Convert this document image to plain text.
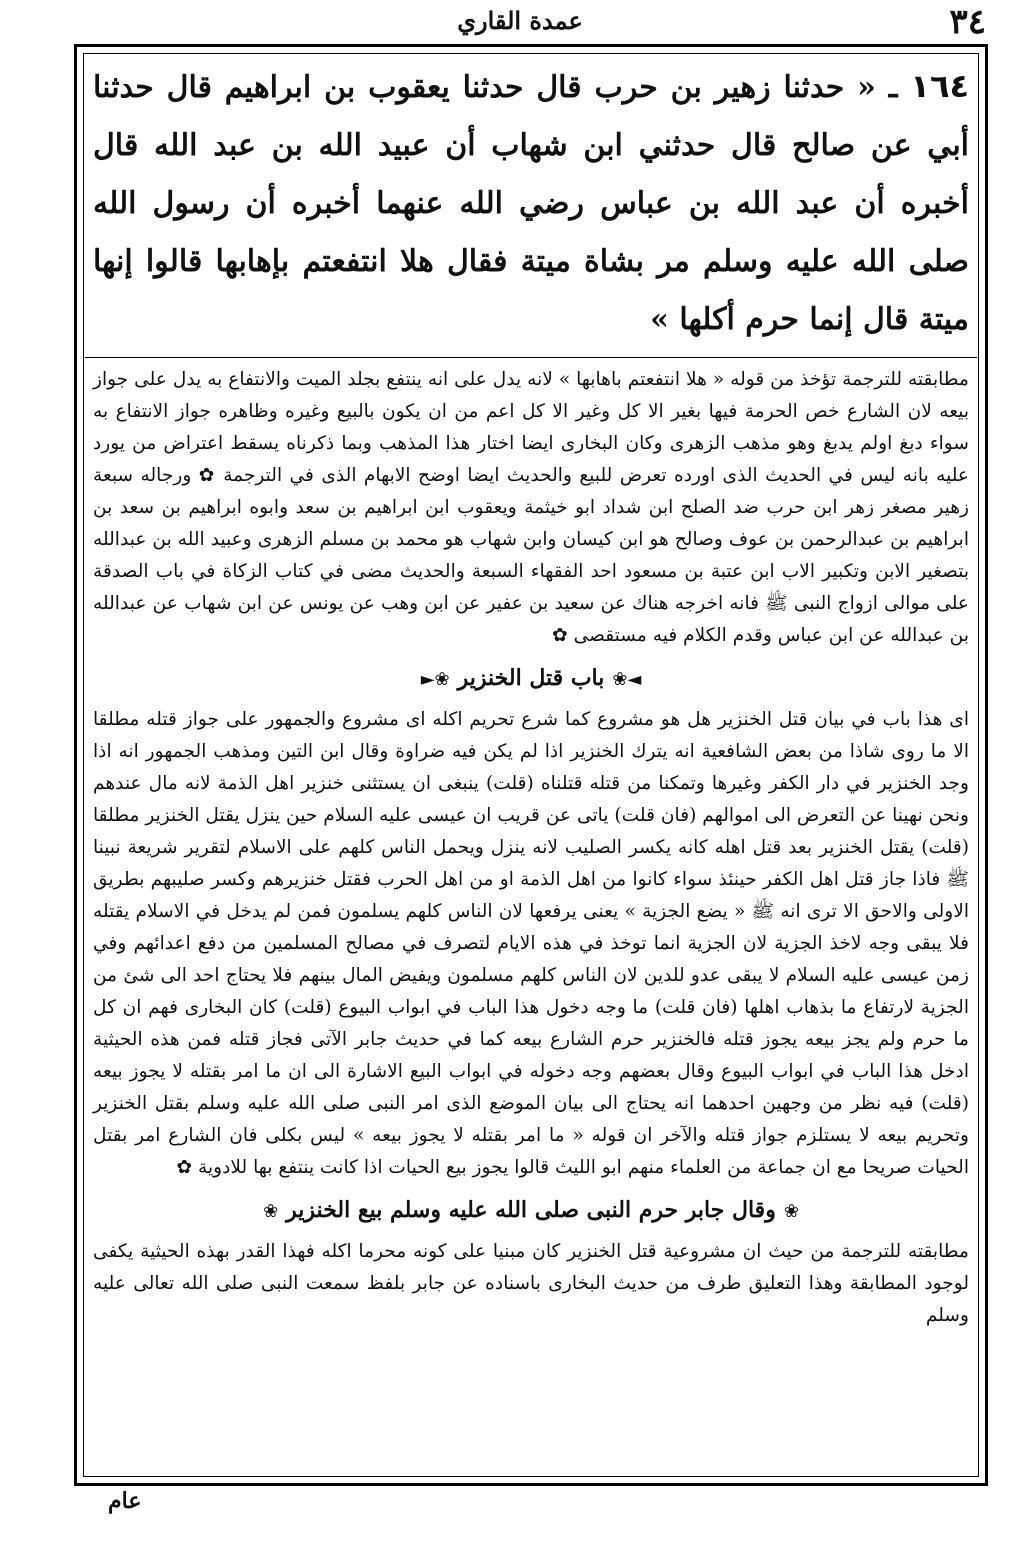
٣٤
عمدة القاري

١٦٤ ـ « حدثنا زهير بن حرب قال حدثنا يعقوب بن ابراهيم قال حدثنا أبي عن صالح قال حدثني ابن شهاب أن عبيد الله بن عبد الله قال أخبره أن عبد الله بن عباس رضي الله عنهما أخبره أن رسول الله صلى الله عليه وسلم مر بشاة ميتة فقال هلا انتفعتم بإهابها قالوا إنها ميتة قال إنما حرم أكلها »

مطابقته للترجمة تؤخذ من قوله « هلا انتفعتم باهابها » لانه يدل على انه ينتفع بجلد الميت والانتفاع به يدل على جواز بيعه لان الشارع خص الحرمة فيها بغير الا كل وغير الا كل اعم من ان يكون بالبيع وغيره وظاهره جواز الانتفاع به سواء دبغ اولم يدبغ وهو مذهب الزهرى وكان البخارى ايضا اختار هذا المذهب وبما ذكرناه يسقط اعتراض من يورد عليه بانه ليس في الحديث الذى اورده تعرض للبيع والحديث ايضا اوضح الابهام الذى في الترجمة ✿ ورجاله سبعة زهير مصغر زهر ابن حرب ضد الصلح ابن شداد ابو خيثمة ويعقوب ابن ابراهيم بن سعد وابوه ابراهيم بن سعد بن ابراهيم بن عبدالرحمن بن عوف وصالح هو ابن كيسان وابن شهاب هو محمد بن مسلم الزهرى وعبيد الله بن عبدالله بتصغير الابن وتكبير الاب ابن عتبة بن مسعود احد الفقهاء السبعة والحديث مضى في كتاب الزكاة في باب الصدقة على موالى ازواج النبى ﷺ فانه اخرجه هناك عن سعيد بن عفير عن ابن وهب عن يونس عن ابن شهاب عن عبدالله بن عبدالله عن ابن عباس وقدم الكلام فيه مستقصى ✿

◄❀باب قتل الخنزير❀►

اى هذا باب في بيان قتل الخنزير هل هو مشروع كما شرع تحريم اكله اى مشروع والجمهور على جواز قتله مطلقا الا ما روى شاذا من بعض الشافعية انه يترك الخنزير اذا لم يكن فيه ضراوة وقال ابن التين ومذهب الجمهور انه اذا وجد الخنزير في دار الكفر وغيرها وتمكنا من قتله قتلناه (قلت) ينبغى ان يستثنى خنزير اهل الذمة لانه مال عندهم ونحن نهينا عن التعرض الى اموالهم (فان قلت) ياتى عن قريب ان عيسى عليه السلام حين ينزل يقتل الخنزير مطلقا (قلت) يقتل الخنزير بعد قتل اهله كانه يكسر الصليب لانه ينزل ويحمل الناس كلهم على الاسلام لتقرير شريعة نبينا ﷺ فاذا جاز قتل اهل الكفر حينئذ سواء كانوا من اهل الذمة او من اهل الحرب فقتل خنزيرهم وكسر صليبهم بطريق الاولى والاحق الا ترى انه ﷺ « يضع الجزية » يعنى يرفعها لان الناس كلهم يسلمون فمن لم يدخل في الاسلام يقتله فلا يبقى وجه لاخذ الجزية لان الجزية انما توخذ في هذه الايام لتصرف في مصالح المسلمين من دفع اعدائهم وفي زمن عيسى عليه السلام لا يبقى عدو للدين لان الناس كلهم مسلمون ويفيض المال بينهم فلا يحتاج احد الى شئ من الجزية لارتفاع ما بذهاب اهلها (فان قلت) ما وجه دخول هذا الباب في ابواب البيوع (قلت) كان البخارى فهم ان كل ما حرم ولم يجز بيعه يجوز قتله فالخنزير حرم الشارع بيعه كما في حديث جابر الآتى فجاز قتله فمن هذه الحيثية ادخل هذا الباب في ابواب البيوع وقال بعضهم وجه دخوله في ابواب البيع الاشارة الى ان ما امر بقتله لا يجوز بيعه (قلت) فيه نظر من وجهين احدهما انه يحتاج الى بيان الموضع الذى امر النبى صلى الله عليه وسلم بقتل الخنزير وتحريم بيعه لا يستلزم جواز قتله والآخر ان قوله « ما امر بقتله لا يجوز بيعه » ليس بكلى فان الشارع امر بقتل الحيات صريحا مع ان جماعة من العلماء منهم ابو الليث قالوا يجوز بيع الحيات اذا كانت ينتفع بها للادوية ✿

❀وقال جابر حرم النبى صلى الله عليه وسلم بيع الخنزير❀

مطابقته للترجمة من حيث ان مشروعية قتل الخنزير كان مبنيا على كونه محرما اكله فهذا القدر بهذه الحيثية يكفى لوجود المطابقة وهذا التعليق طرف من حديث البخارى باسناده عن جابر بلفظ سمعت النبى صلى الله تعالى عليه وسلم

عام
